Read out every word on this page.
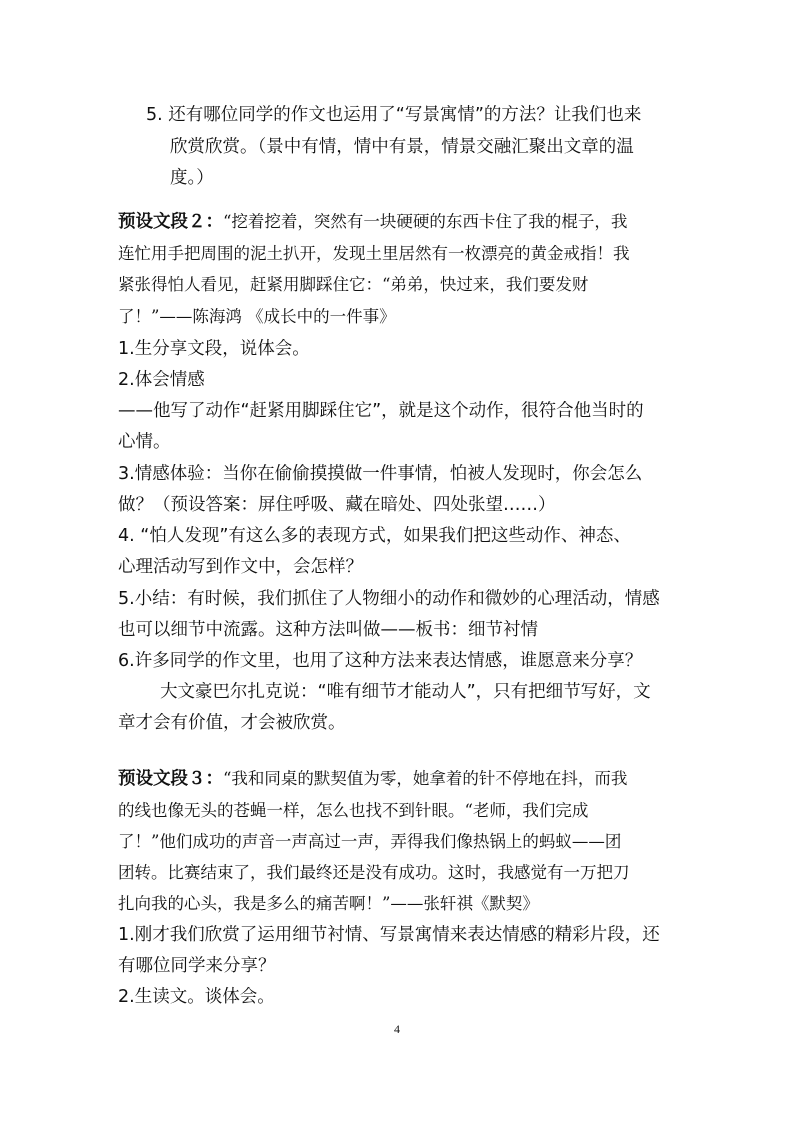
5. 还有哪位同学的作文也运用了“写景寓情”的方法？让我们也来
欣赏欣赏。（景中有情，情中有景，情景交融汇聚出文章的温
度。）
预设文段２：“挖着挖着，突然有一块硬硬的东西卡住了我的棍子，我
连忙用手把周围的泥土扒开，发现土里居然有一枚漂亮的黄金戒指！我
紧张得怕人看见，赶紧用脚踩住它：“弟弟，快过来，我们要发财
了！”——陈海鸿 《成长中的一件事》
1.生分享文段，说体会。
2.体会情感
——他写了动作“赶紧用脚踩住它”，就是这个动作，很符合他当时的
心情。
3.情感体验：当你在偷偷摸摸做一件事情，怕被人发现时，你会怎么
做？（预设答案：屏住呼吸、藏在暗处、四处张望……）
4. “怕人发现”有这么多的表现方式，如果我们把这些动作、神态、
心理活动写到作文中，会怎样？
5.小结：有时候，我们抓住了人物细小的动作和微妙的心理活动，情感
也可以细节中流露。这种方法叫做——板书：细节衬情
6.许多同学的作文里，也用了这种方法来表达情感，谁愿意来分享？
大文豪巴尔扎克说：“唯有细节才能动人”，只有把细节写好，文
章才会有价值，才会被欣赏。
预设文段３：“我和同桌的默契值为零，她拿着的针不停地在抖，而我
的线也像无头的苍蝇一样，怎么也找不到针眼。“老师，我们完成
了！”他们成功的声音一声高过一声，弄得我们像热锅上的蚂蚁——团
团转。比赛结束了，我们最终还是没有成功。这时，我感觉有一万把刀
扎向我的心头，我是多么的痛苦啊！”——张轩祺《默契》
1.刚才我们欣赏了运用细节衬情、写景寓情来表达情感的精彩片段，还
有哪位同学来分享？
2.生读文。谈体会。
4
